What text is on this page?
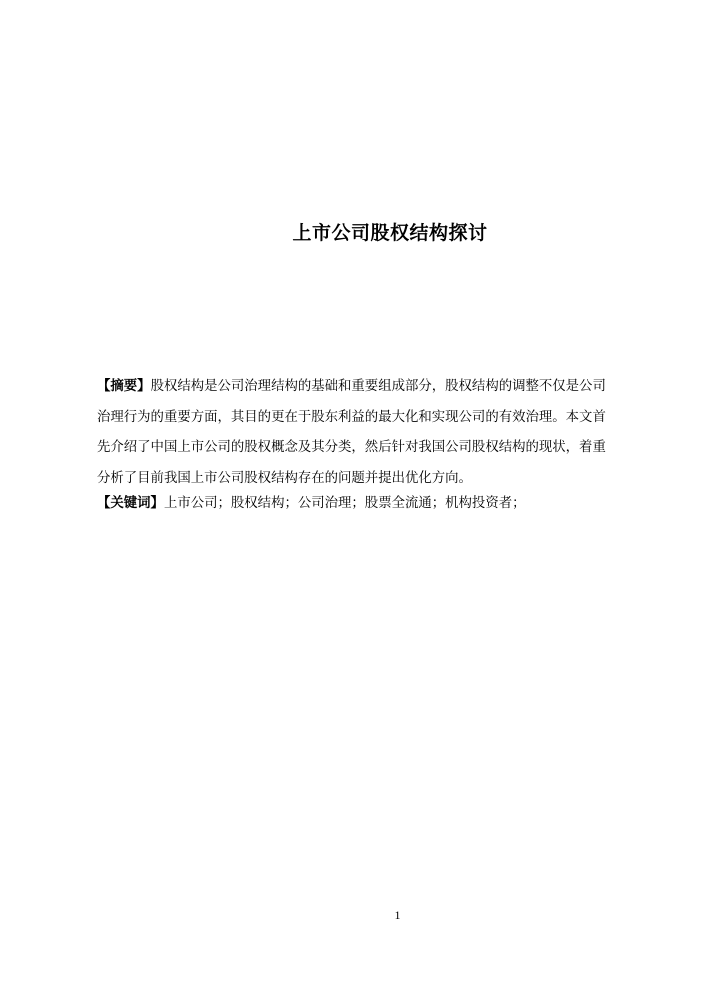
上市公司股权结构探讨
【摘要】股权结构是公司治理结构的基础和重要组成部分，股权结构的调整不仅是公司
治理行为的重要方面，其目的更在于股东利益的最大化和实现公司的有效治理。本文首
先介绍了中国上市公司的股权概念及其分类，然后针对我国公司股权结构的现状，着重
分析了目前我国上市公司股权结构存在的问题并提出优化方向。
【关键词】上市公司；股权结构；公司治理；股票全流通；机构投资者；
1
